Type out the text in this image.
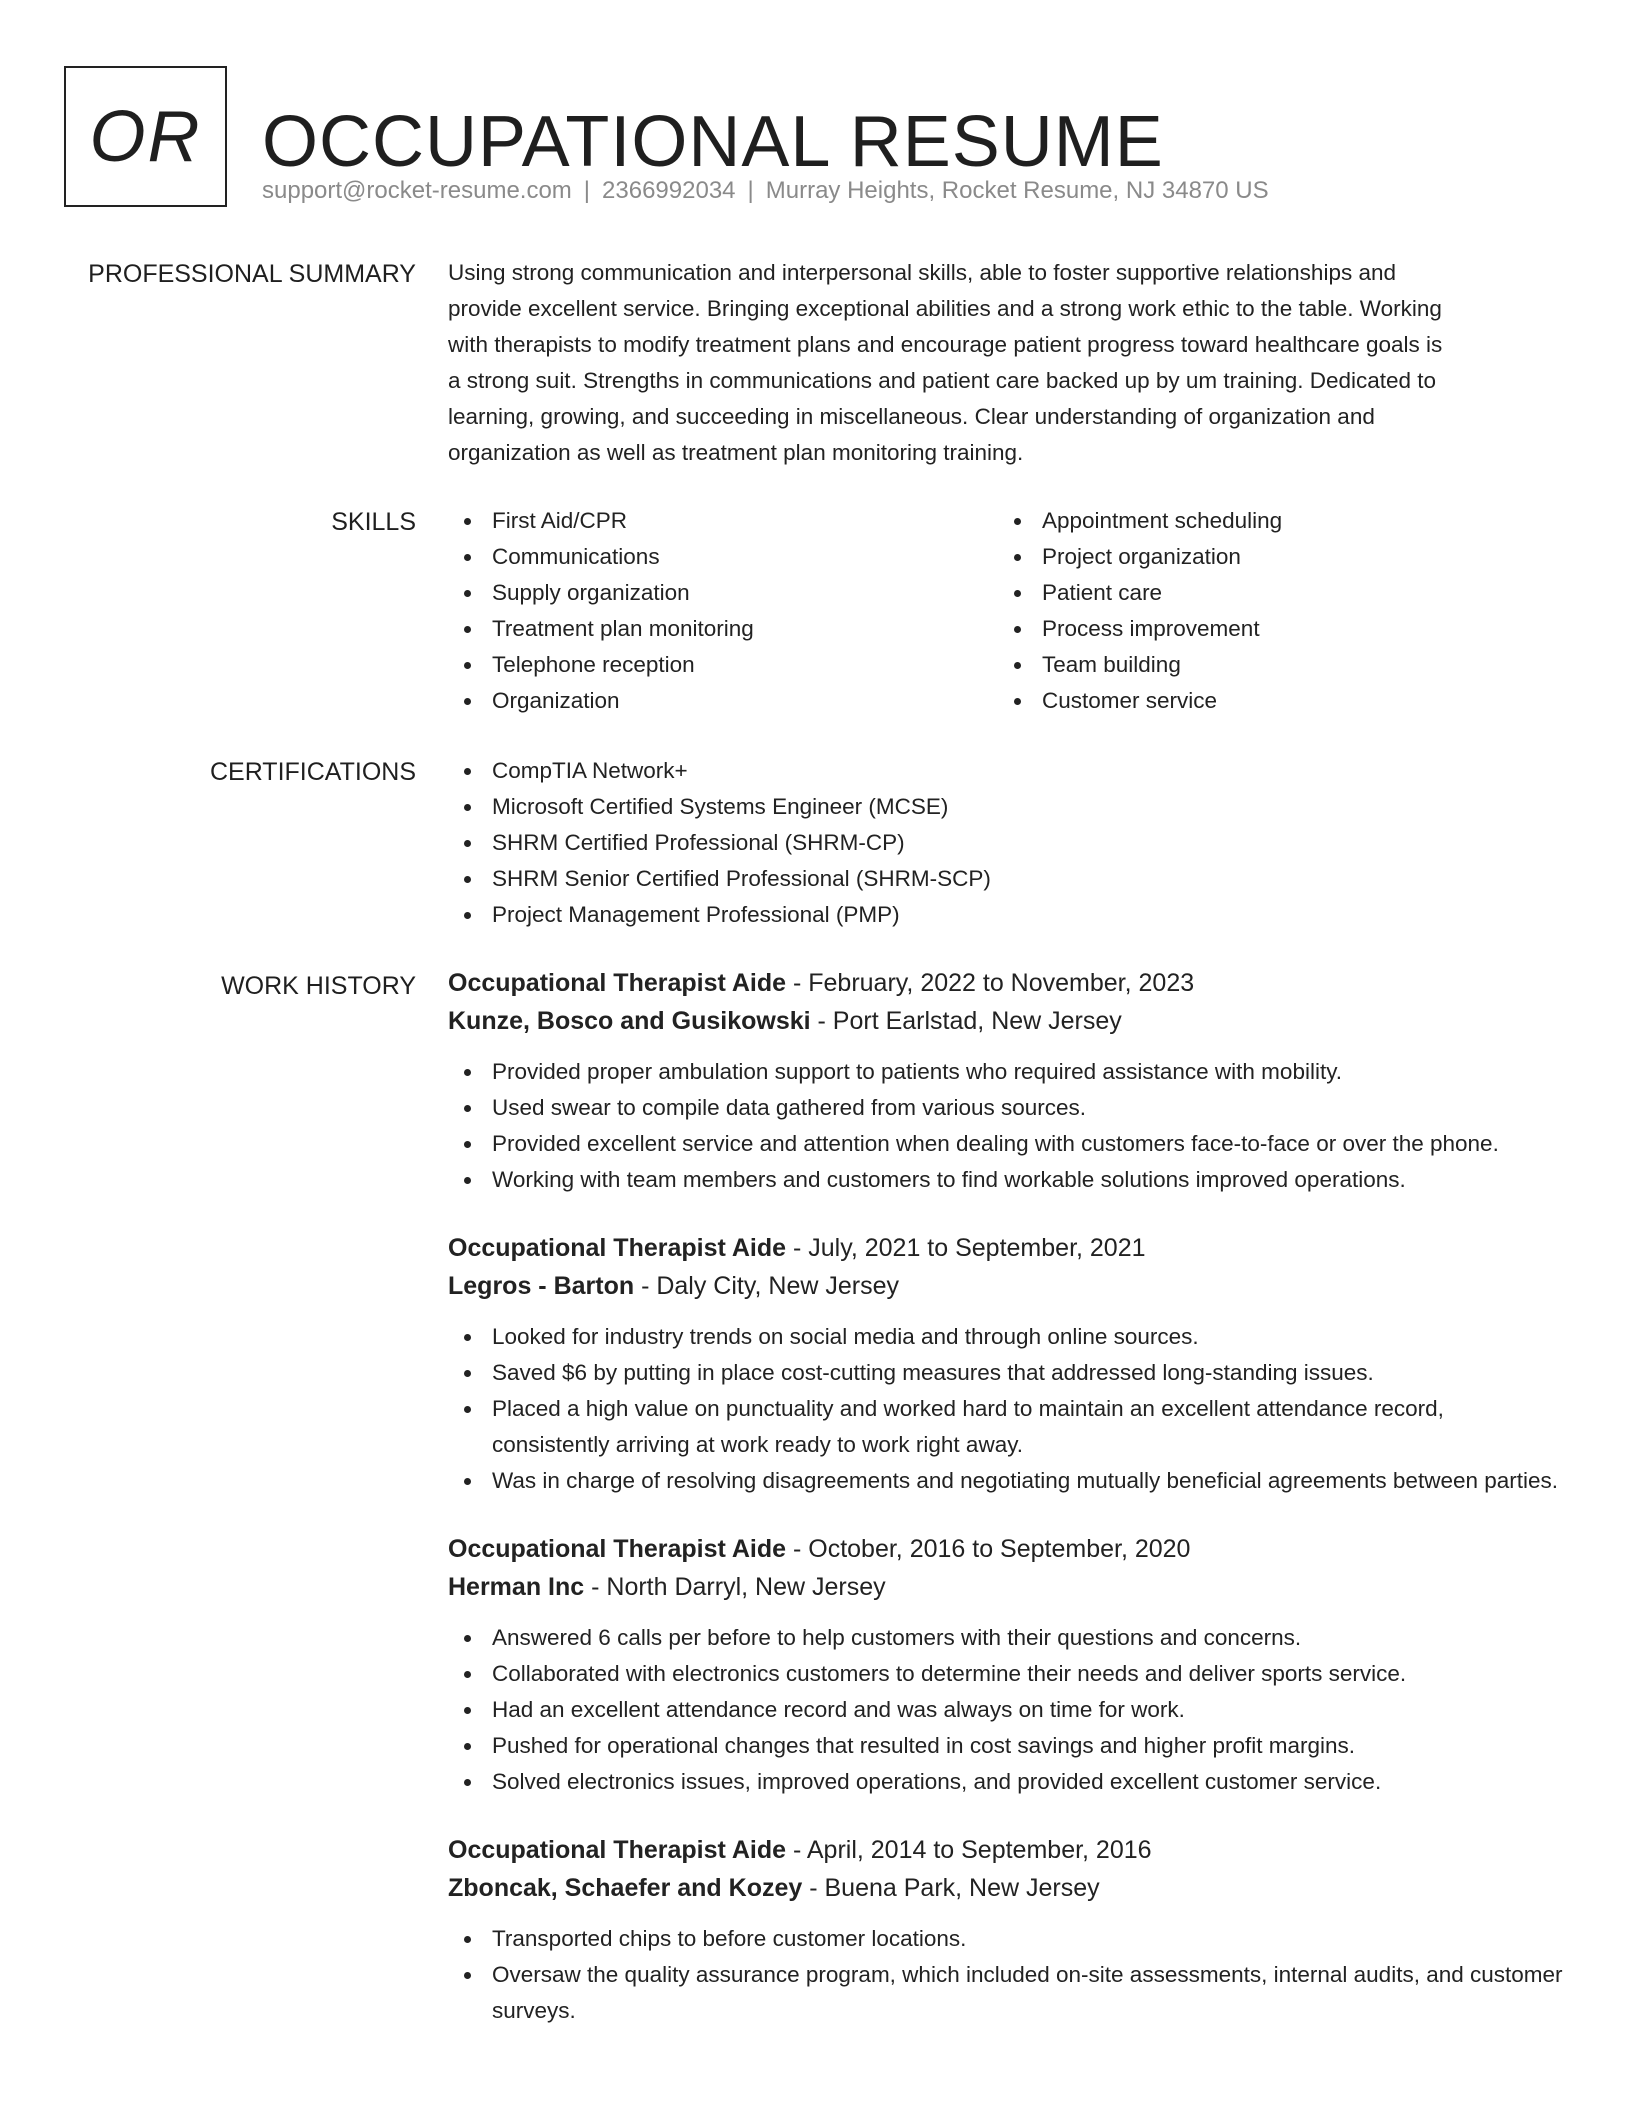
OR OCCUPATIONAL RESUME
support@rocket-resume.com | 2366992034 | Murray Heights, Rocket Resume, NJ 34870 US
PROFESSIONAL SUMMARY Using strong communication and interpersonal skills, able to foster supportive relationships and
provide excellent service. Bringing exceptional abilities and a strong work ethic to the table. Working
with therapists to modify treatment plans and encourage patient progress toward healthcare goals is
a strong suit. Strengths in communications and patient care backed up by um training. Dedicated to
learning, growing, and succeeding in miscellaneous. Clear understanding of organization and
organization as well as treatment plan monitoring training.
SKILLS	First Aid/CPR
Communications
Supply organization
Treatment plan monitoring
Telephone reception
Organization
Appointment scheduling
Project organization
Patient care
Process improvement
Team building
Customer service
CERTIFICATIONS	CompTIA Network+
Microsoft Certified Systems Engineer (MCSE)
SHRM Certified Professional (SHRM-CP)
SHRM Senior Certified Professional (SHRM-SCP)
Project Management Professional (PMP)
WORK HISTORY Occupational Therapist Aide - February, 2022 to November, 2023
Kunze, Bosco and Gusikowski - Port Earlstad, New Jersey
Provided proper ambulation support to patients who required assistance with mobility.
Used swear to compile data gathered from various sources.
Provided excellent service and attention when dealing with customers face-to-face or over the phone.
Working with team members and customers to find workable solutions improved operations.
Occupational Therapist Aide - July, 2021 to September, 2021
Legros - Barton - Daly City, New Jersey
Looked for industry trends on social media and through online sources.
Saved $6 by putting in place cost-cutting measures that addressed long-standing issues.
Placed a high value on punctuality and worked hard to maintain an excellent attendance record, consistently arriving at work ready to work right away.
Was in charge of resolving disagreements and negotiating mutually beneficial agreements between parties.
Occupational Therapist Aide - October, 2016 to September, 2020
Herman Inc - North Darryl, New Jersey
Answered 6 calls per before to help customers with their questions and concerns.
Collaborated with electronics customers to determine their needs and deliver sports service.
Had an excellent attendance record and was always on time for work.
Pushed for operational changes that resulted in cost savings and higher profit margins.
Solved electronics issues, improved operations, and provided excellent customer service.
Occupational Therapist Aide - April, 2014 to September, 2016
Zboncak, Schaefer and Kozey - Buena Park, New Jersey
Transported chips to before customer locations.
Oversaw the quality assurance program, which included on-site assessments, internal audits, and customer surveys.
